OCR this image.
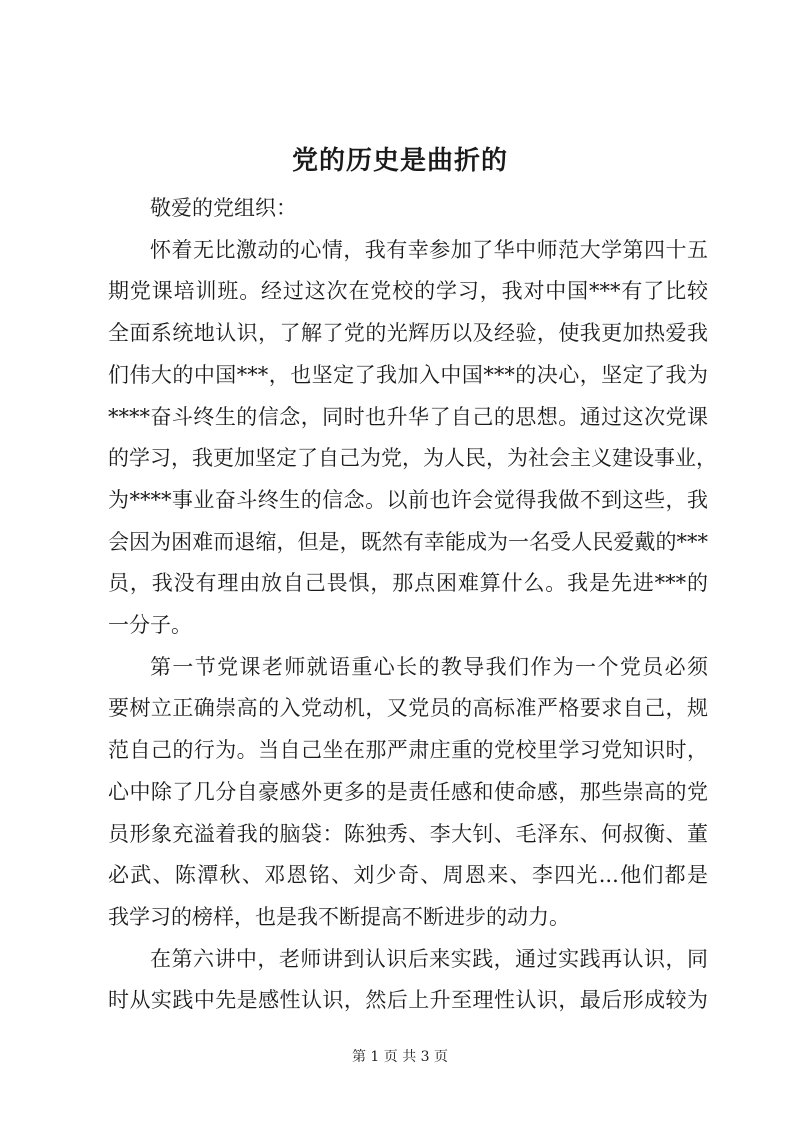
党的历史是曲折的

敬爱的党组织：

怀着无比激动的心情，我有幸参加了华中师范大学第四十五
期党课培训班。经过这次在党校的学习，我对中国***有了比较
全面系统地认识，了解了党的光辉历以及经验，使我更加热爱我
们伟大的中国***，也坚定了我加入中国***的决心，坚定了我为
****奋斗终生的信念，同时也升华了自己的思想。通过这次党课
的学习，我更加坚定了自己为党，为人民，为社会主义建设事业，
为****事业奋斗终生的信念。以前也许会觉得我做不到这些，我
会因为困难而退缩，但是，既然有幸能成为一名受人民爱戴的***
员，我没有理由放自己畏惧，那点困难算什么。我是先进***的
一分子。
第一节党课老师就语重心长的教导我们作为一个党员必须
要树立正确崇高的入党动机，又党员的高标准严格要求自己，规
范自己的行为。当自己坐在那严肃庄重的党校里学习党知识时，
心中除了几分自豪感外更多的是责任感和使命感，那些崇高的党
员形象充溢着我的脑袋：陈独秀、李大钊、毛泽东、何叔衡、董
必武、陈潭秋、邓恩铭、刘少奇、周恩来、李四光...他们都是
我学习的榜样，也是我不断提高不断进步的动力。
在第六讲中，老师讲到认识后来实践，通过实践再认识，同
时从实践中先是感性认识，然后上升至理性认识，最后形成较为
第 1 页 共 3 页
